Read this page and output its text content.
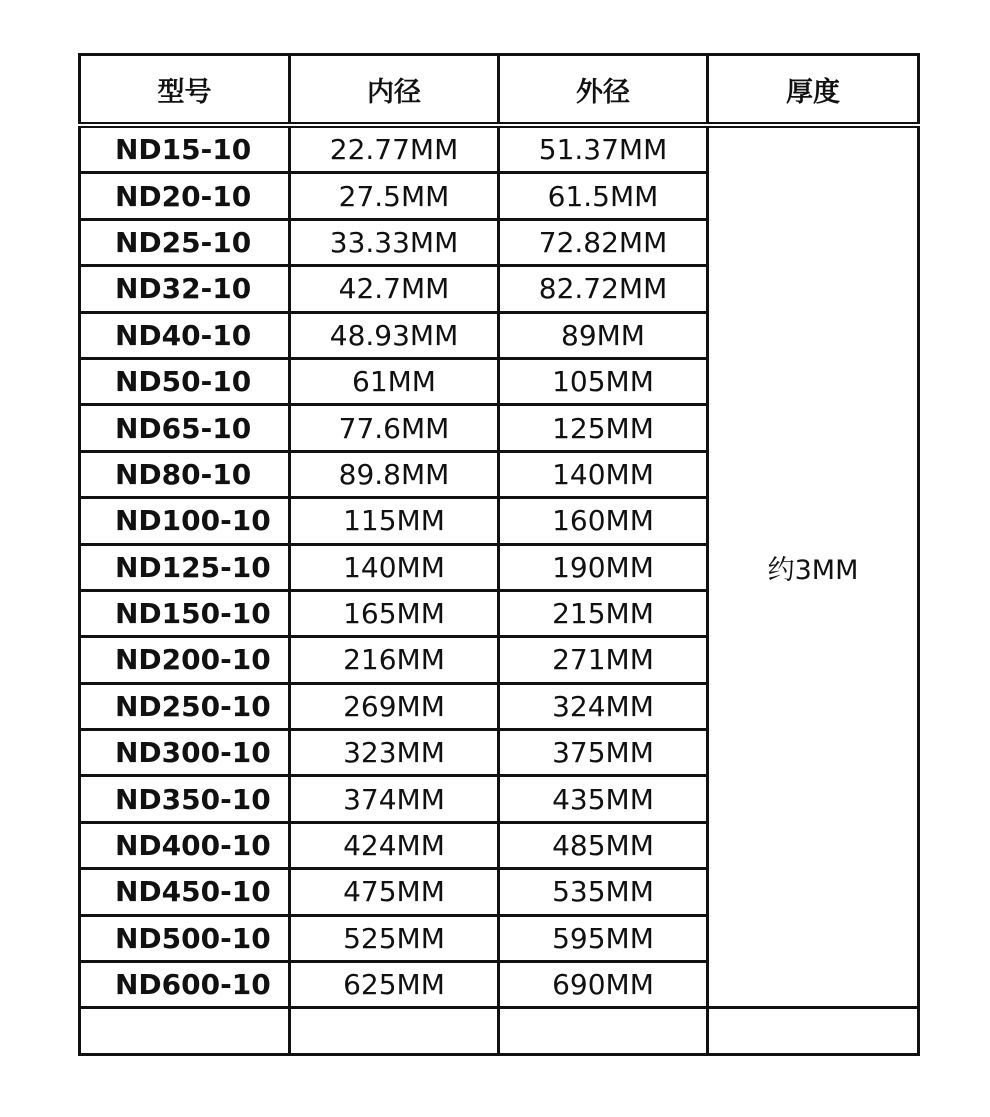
型号	内径	外径	厚度
ND15-10	22.77MM	51.37MM	约3MM
ND20-10	27.5MM	61.5MM	
ND25-10	33.33MM	72.82MM	
ND32-10	42.7MM	82.72MM	
ND40-10	48.93MM	89MM	
ND50-10	61MM	105MM	
ND65-10	77.6MM	125MM	
ND80-10	89.8MM	140MM	
ND100-10	115MM	160MM	
ND125-10	140MM	190MM	
ND150-10	165MM	215MM	
ND200-10	216MM	271MM	
ND250-10	269MM	324MM	
ND300-10	323MM	375MM	
ND350-10	374MM	435MM	
ND400-10	424MM	485MM	
ND450-10	475MM	535MM	
ND500-10	525MM	595MM	
ND600-10	625MM	690MM	
